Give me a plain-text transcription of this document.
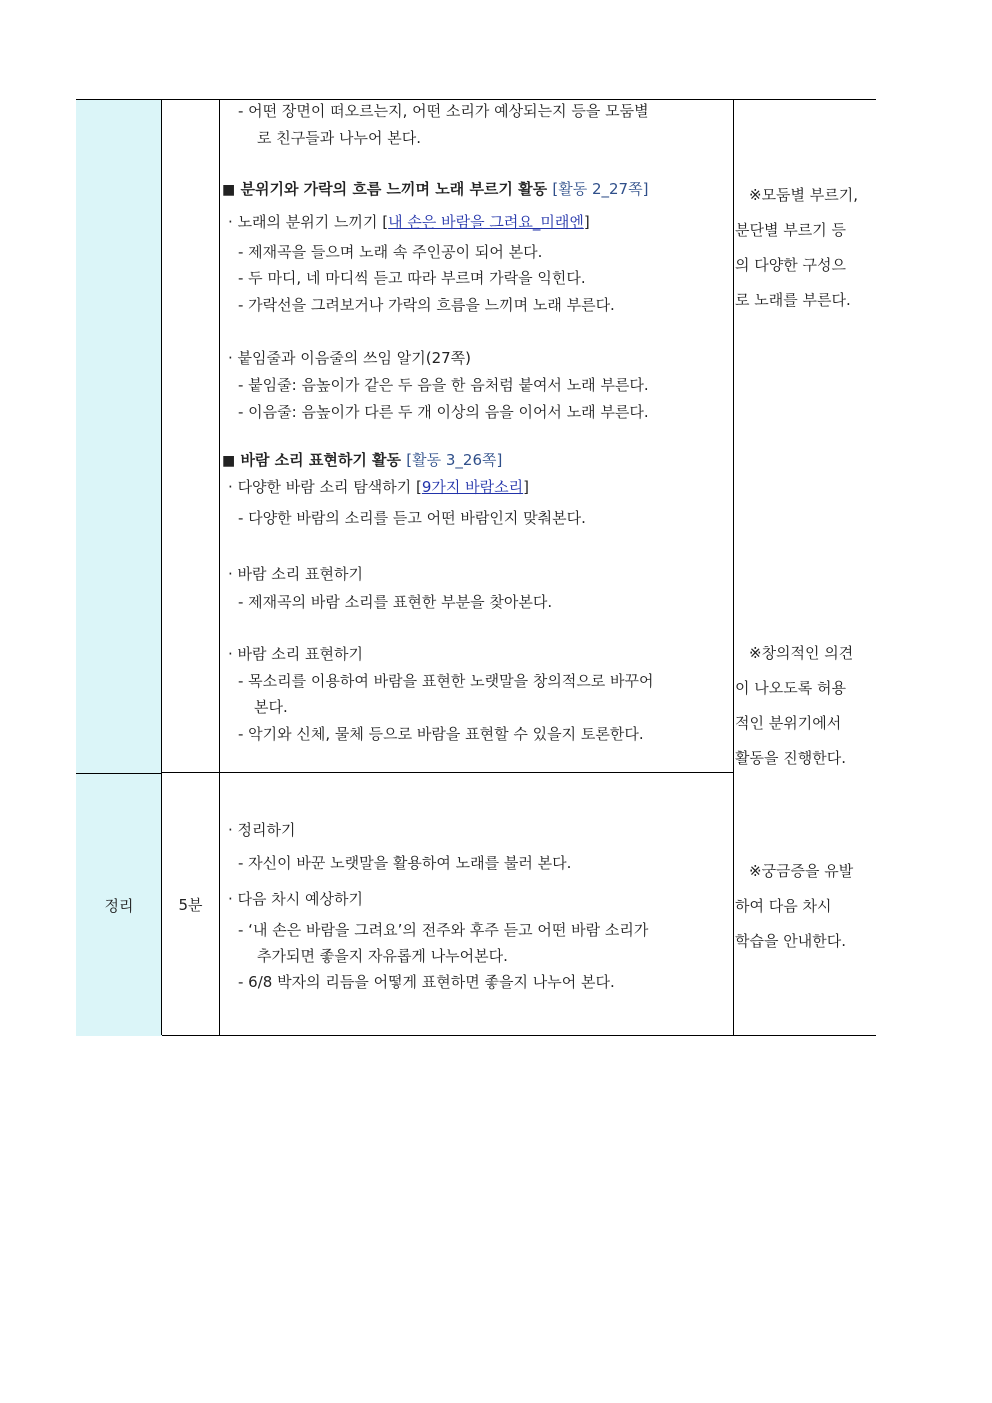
정리	5분
- 어떤 장면이 떠오르는지, 어떤 소리가 예상되는지 등을 모둠별
로 친구들과 나누어 본다.
■ 분위기와 가락의 흐름 느끼며 노래 부르기 활동 [활동 2_27쪽]
· 노래의 분위기 느끼기 [내 손은 바람을 그려요_미래엔]
- 제재곡을 들으며 노래 속 주인공이 되어 본다.
- 두 마디, 네 마디씩 듣고 따라 부르며 가락을 익힌다.
- 가락선을 그려보거나 가락의 흐름을 느끼며 노래 부른다.
· 붙임줄과 이음줄의 쓰임 알기(27쪽)
- 붙임줄: 음높이가 같은 두 음을 한 음처럼 붙여서 노래 부른다.
- 이음줄: 음높이가 다른 두 개 이상의 음을 이어서 노래 부른다.
■ 바람 소리 표현하기 활동 [활동 3_26쪽]
· 다양한 바람 소리 탐색하기 [9가지 바람소리]
- 다양한 바람의 소리를 듣고 어떤 바람인지 맞춰본다.
· 바람 소리 표현하기
- 제재곡의 바람 소리를 표현한 부분을 찾아본다.
· 바람 소리 표현하기
- 목소리를 이용하여 바람을 표현한 노랫말을 창의적으로 바꾸어
본다.
- 악기와 신체, 물체 등으로 바람을 표현할 수 있을지 토론한다.
※모둠별 부르기,
분단별 부르기 등
의 다양한 구성으
로 노래를 부른다.
※창의적인 의견
이 나오도록 허용
적인 분위기에서
활동을 진행한다.
· 정리하기
- 자신이 바꾼 노랫말을 활용하여 노래를 불러 본다.
· 다음 차시 예상하기
- ‘내 손은 바람을 그려요’의 전주와 후주 듣고 어떤 바람 소리가
추가되면 좋을지 자유롭게 나누어본다.
- 6/8 박자의 리듬을 어떻게 표현하면 좋을지 나누어 본다.
※궁금증을 유발
하여 다음 차시
학습을 안내한다.
